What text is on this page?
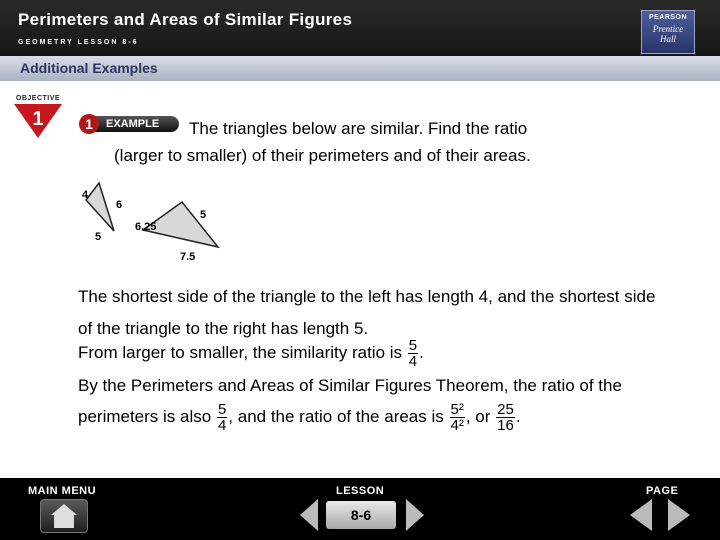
Perimeters and Areas of Similar Figures
GEOMETRY LESSON 8-6
PEARSON
Prentice
Hall
Additional Examples
OBJECTIVE
1	1	EXAMPLE	The triangles below are similar. Find the ratio
(larger to smaller) of their perimeters and of their areas.
4
6
5
6.25
5
7.5
The shortest side of the triangle to the left has length 4, and the shortest side
of the triangle to the right has length 5.
From larger to smaller, the similarity ratio is $\frac{5}{4}$ .
By the Perimeters and Areas of Similar Figures Theorem, the ratio of the
perimeters is also $\frac{5}{4}$ , and the ratio of the areas is $\frac{\text{5²}}{\text{4²}}$ , or $\frac{25}{16}$ .
MAIN MENU	LESSON	PAGE
8-6
